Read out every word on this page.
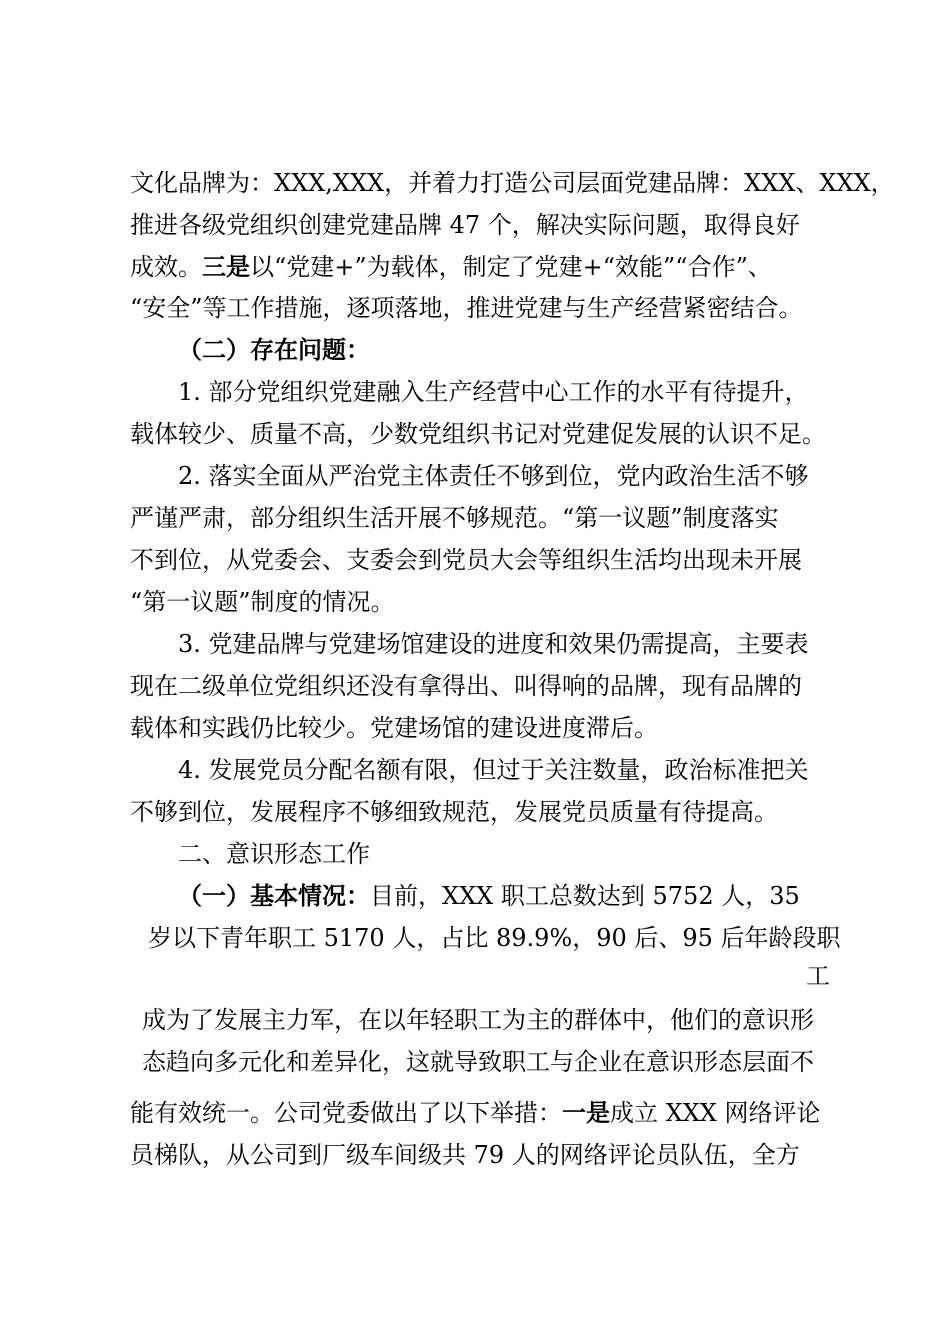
文化品牌为：XXX,XXX，并着力打造公司层面党建品牌：XXX、XXX，
推进各级党组织创建党建品牌 47 个，解决实际问题，取得良好
成效。三是以“党建+”为载体，制定了党建+“效能”“合作”、
“安全”等工作措施，逐项落地，推进党建与生产经营紧密结合。
（二）存在问题：
1. 部分党组织党建融入生产经营中心工作的水平有待提升，
载体较少、质量不高，少数党组织书记对党建促发展的认识不足。
2. 落实全面从严治党主体责任不够到位，党内政治生活不够
严谨严肃，部分组织生活开展不够规范。“第一议题”制度落实
不到位，从党委会、支委会到党员大会等组织生活均出现未开展
“第一议题”制度的情况。
3. 党建品牌与党建场馆建设的进度和效果仍需提高，主要表
现在二级单位党组织还没有拿得出、叫得响的品牌，现有品牌的
载体和实践仍比较少。党建场馆的建设进度滞后。
4. 发展党员分配名额有限，但过于关注数量，政治标准把关
不够到位，发展程序不够细致规范，发展党员质量有待提高。
二、意识形态工作
（一）基本情况：目前，XXX 职工总数达到 5752 人，35
岁以下青年职工 5170 人，占比 89.9%，90 后、95 后年龄段职
工
成为了发展主力军，在以年轻职工为主的群体中，他们的意识形
态趋向多元化和差异化，这就导致职工与企业在意识形态层面不
能有效统一。公司党委做出了以下举措：一是成立 XXX 网络评论
员梯队，从公司到厂级车间级共 79 人的网络评论员队伍，全方
